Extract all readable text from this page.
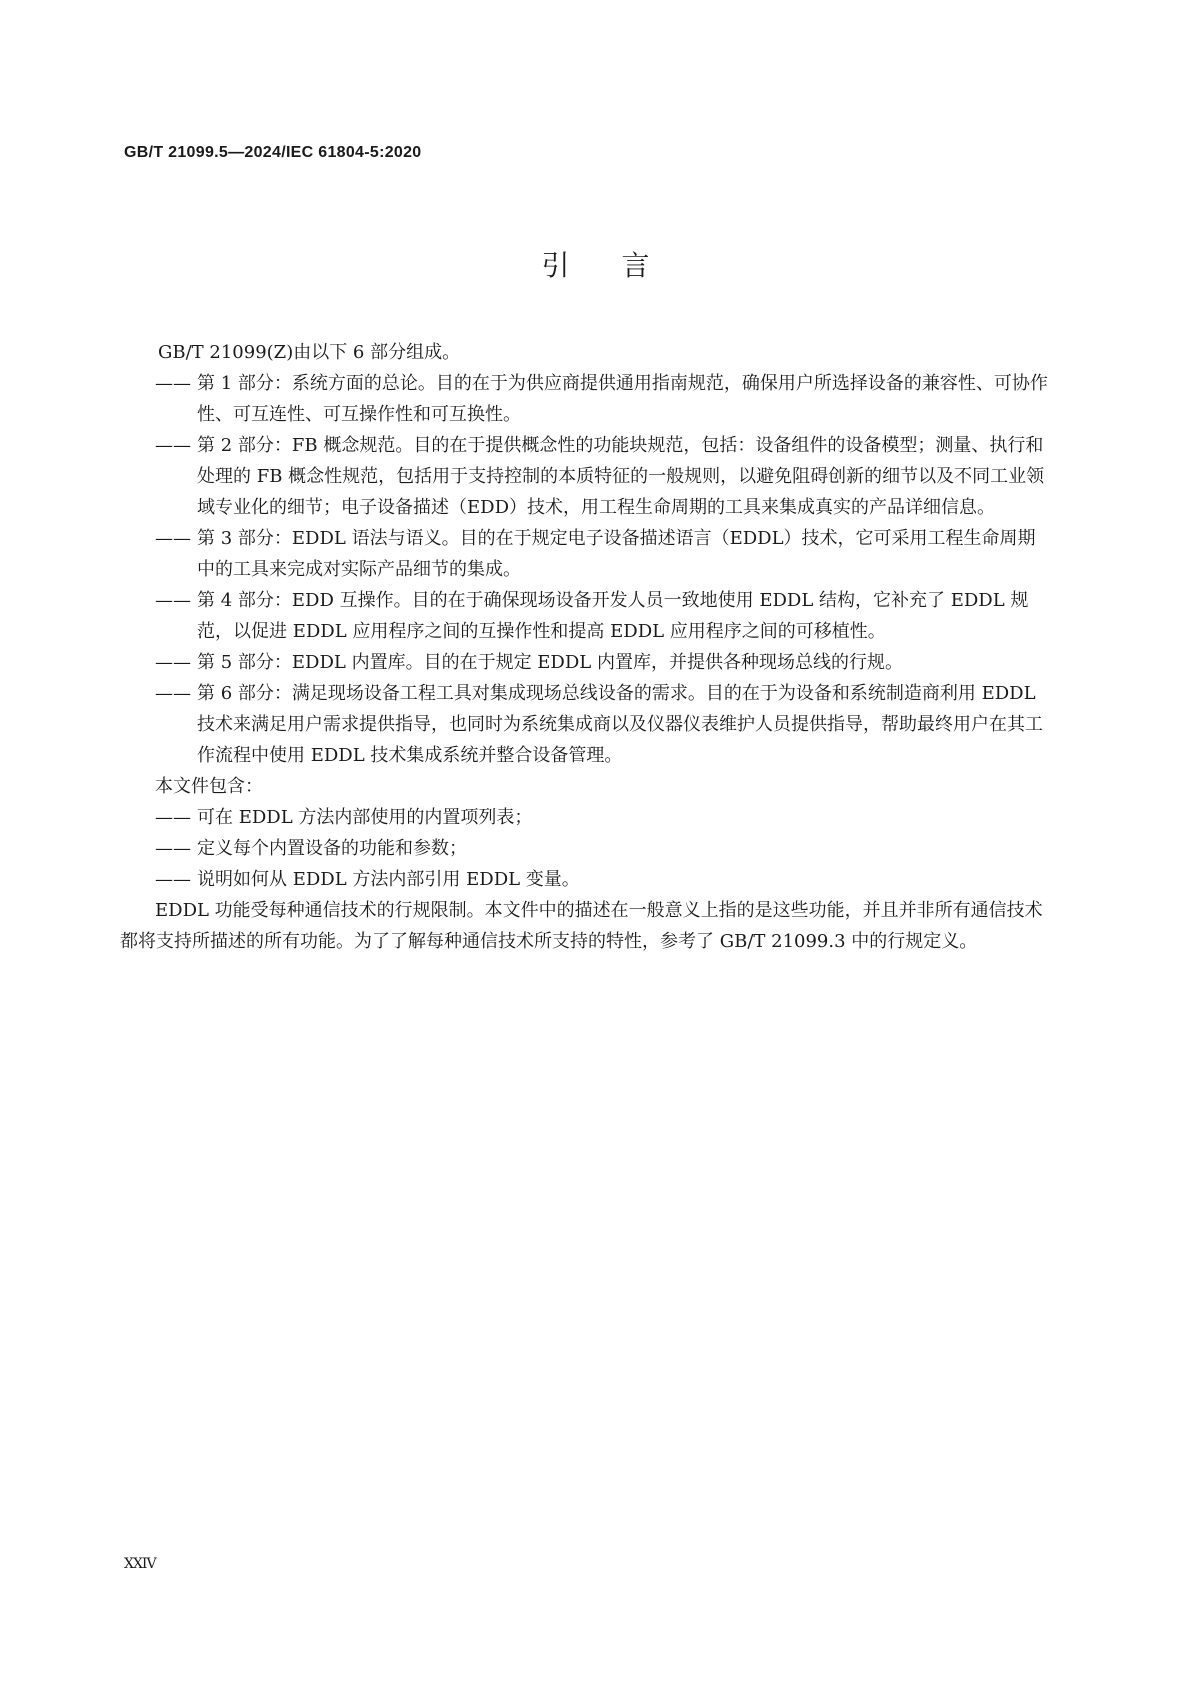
GB/T 21099.5—2024/IEC 61804-5:2020
引言
GB/T 21099(Z)由以下 6 部分组成。
—— 第 1 部分：系统方面的总论。目的在于为供应商提供通用指南规范，确保用户所选择设备的兼容性、可协作性、可互连性、可互操作性和可互换性。
—— 第 2 部分：FB 概念规范。目的在于提供概念性的功能块规范，包括：设备组件的设备模型；测量、执行和处理的 FB 概念性规范，包括用于支持控制的本质特征的一般规则，以避免阻碍创新的细节以及不同工业领域专业化的细节；电子设备描述（EDD）技术，用工程生命周期的工具来集成真实的产品详细信息。
—— 第 3 部分：EDDL 语法与语义。目的在于规定电子设备描述语言（EDDL）技术，它可采用工程生命周期中的工具来完成对实际产品细节的集成。
—— 第 4 部分：EDD 互操作。目的在于确保现场设备开发人员一致地使用 EDDL 结构，它补充了 EDDL 规范，以促进 EDDL 应用程序之间的互操作性和提高 EDDL 应用程序之间的可移植性。
—— 第 5 部分：EDDL 内置库。目的在于规定 EDDL 内置库，并提供各种现场总线的行规。
—— 第 6 部分：满足现场设备工程工具对集成现场总线设备的需求。目的在于为设备和系统制造商利用 EDDL 技术来满足用户需求提供指导，也同时为系统集成商以及仪器仪表维护人员提供指导，帮助最终用户在其工作流程中使用 EDDL 技术集成系统并整合设备管理。
本文件包含：
—— 可在 EDDL 方法内部使用的内置项列表；
—— 定义每个内置设备的功能和参数；
—— 说明如何从 EDDL 方法内部引用 EDDL 变量。
EDDL 功能受每种通信技术的行规限制。本文件中的描述在一般意义上指的是这些功能，并且并非所有通信技术都将支持所描述的所有功能。为了了解每种通信技术所支持的特性，参考了 GB/T 21099.3 中的行规定义。
XXIV
